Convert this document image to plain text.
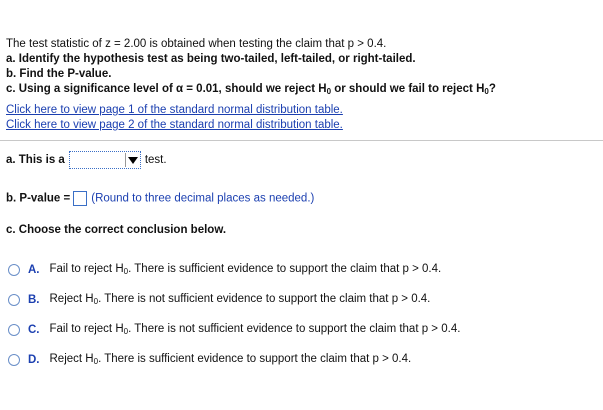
The test statistic of z = 2.00 is obtained when testing the claim that p > 0.4.
a. Identify the hypothesis test as being two-tailed, left-tailed, or right-tailed.
b. Find the P-value.
c. Using a significance level of α = 0.01, should we reject $H_0$ or should we fail to reject $H_0$?
Click here to view page 1 of the standard normal distribution table.
Click here to view page 2 of the standard normal distribution table.
a. This is a	test.
b. P-value = (Round to three decimal places as needed.)
c. Choose the correct conclusion below.
A. Fail to reject $H_0$. There is sufficient evidence to support the claim that p > 0.4.
B. Reject $H_0$. There is not sufficient evidence to support the claim that p > 0.4.
C. Fail to reject $H_0$. There is not sufficient evidence to support the claim that p > 0.4.
D. Reject $H_0$. There is sufficient evidence to support the claim that p > 0.4.
